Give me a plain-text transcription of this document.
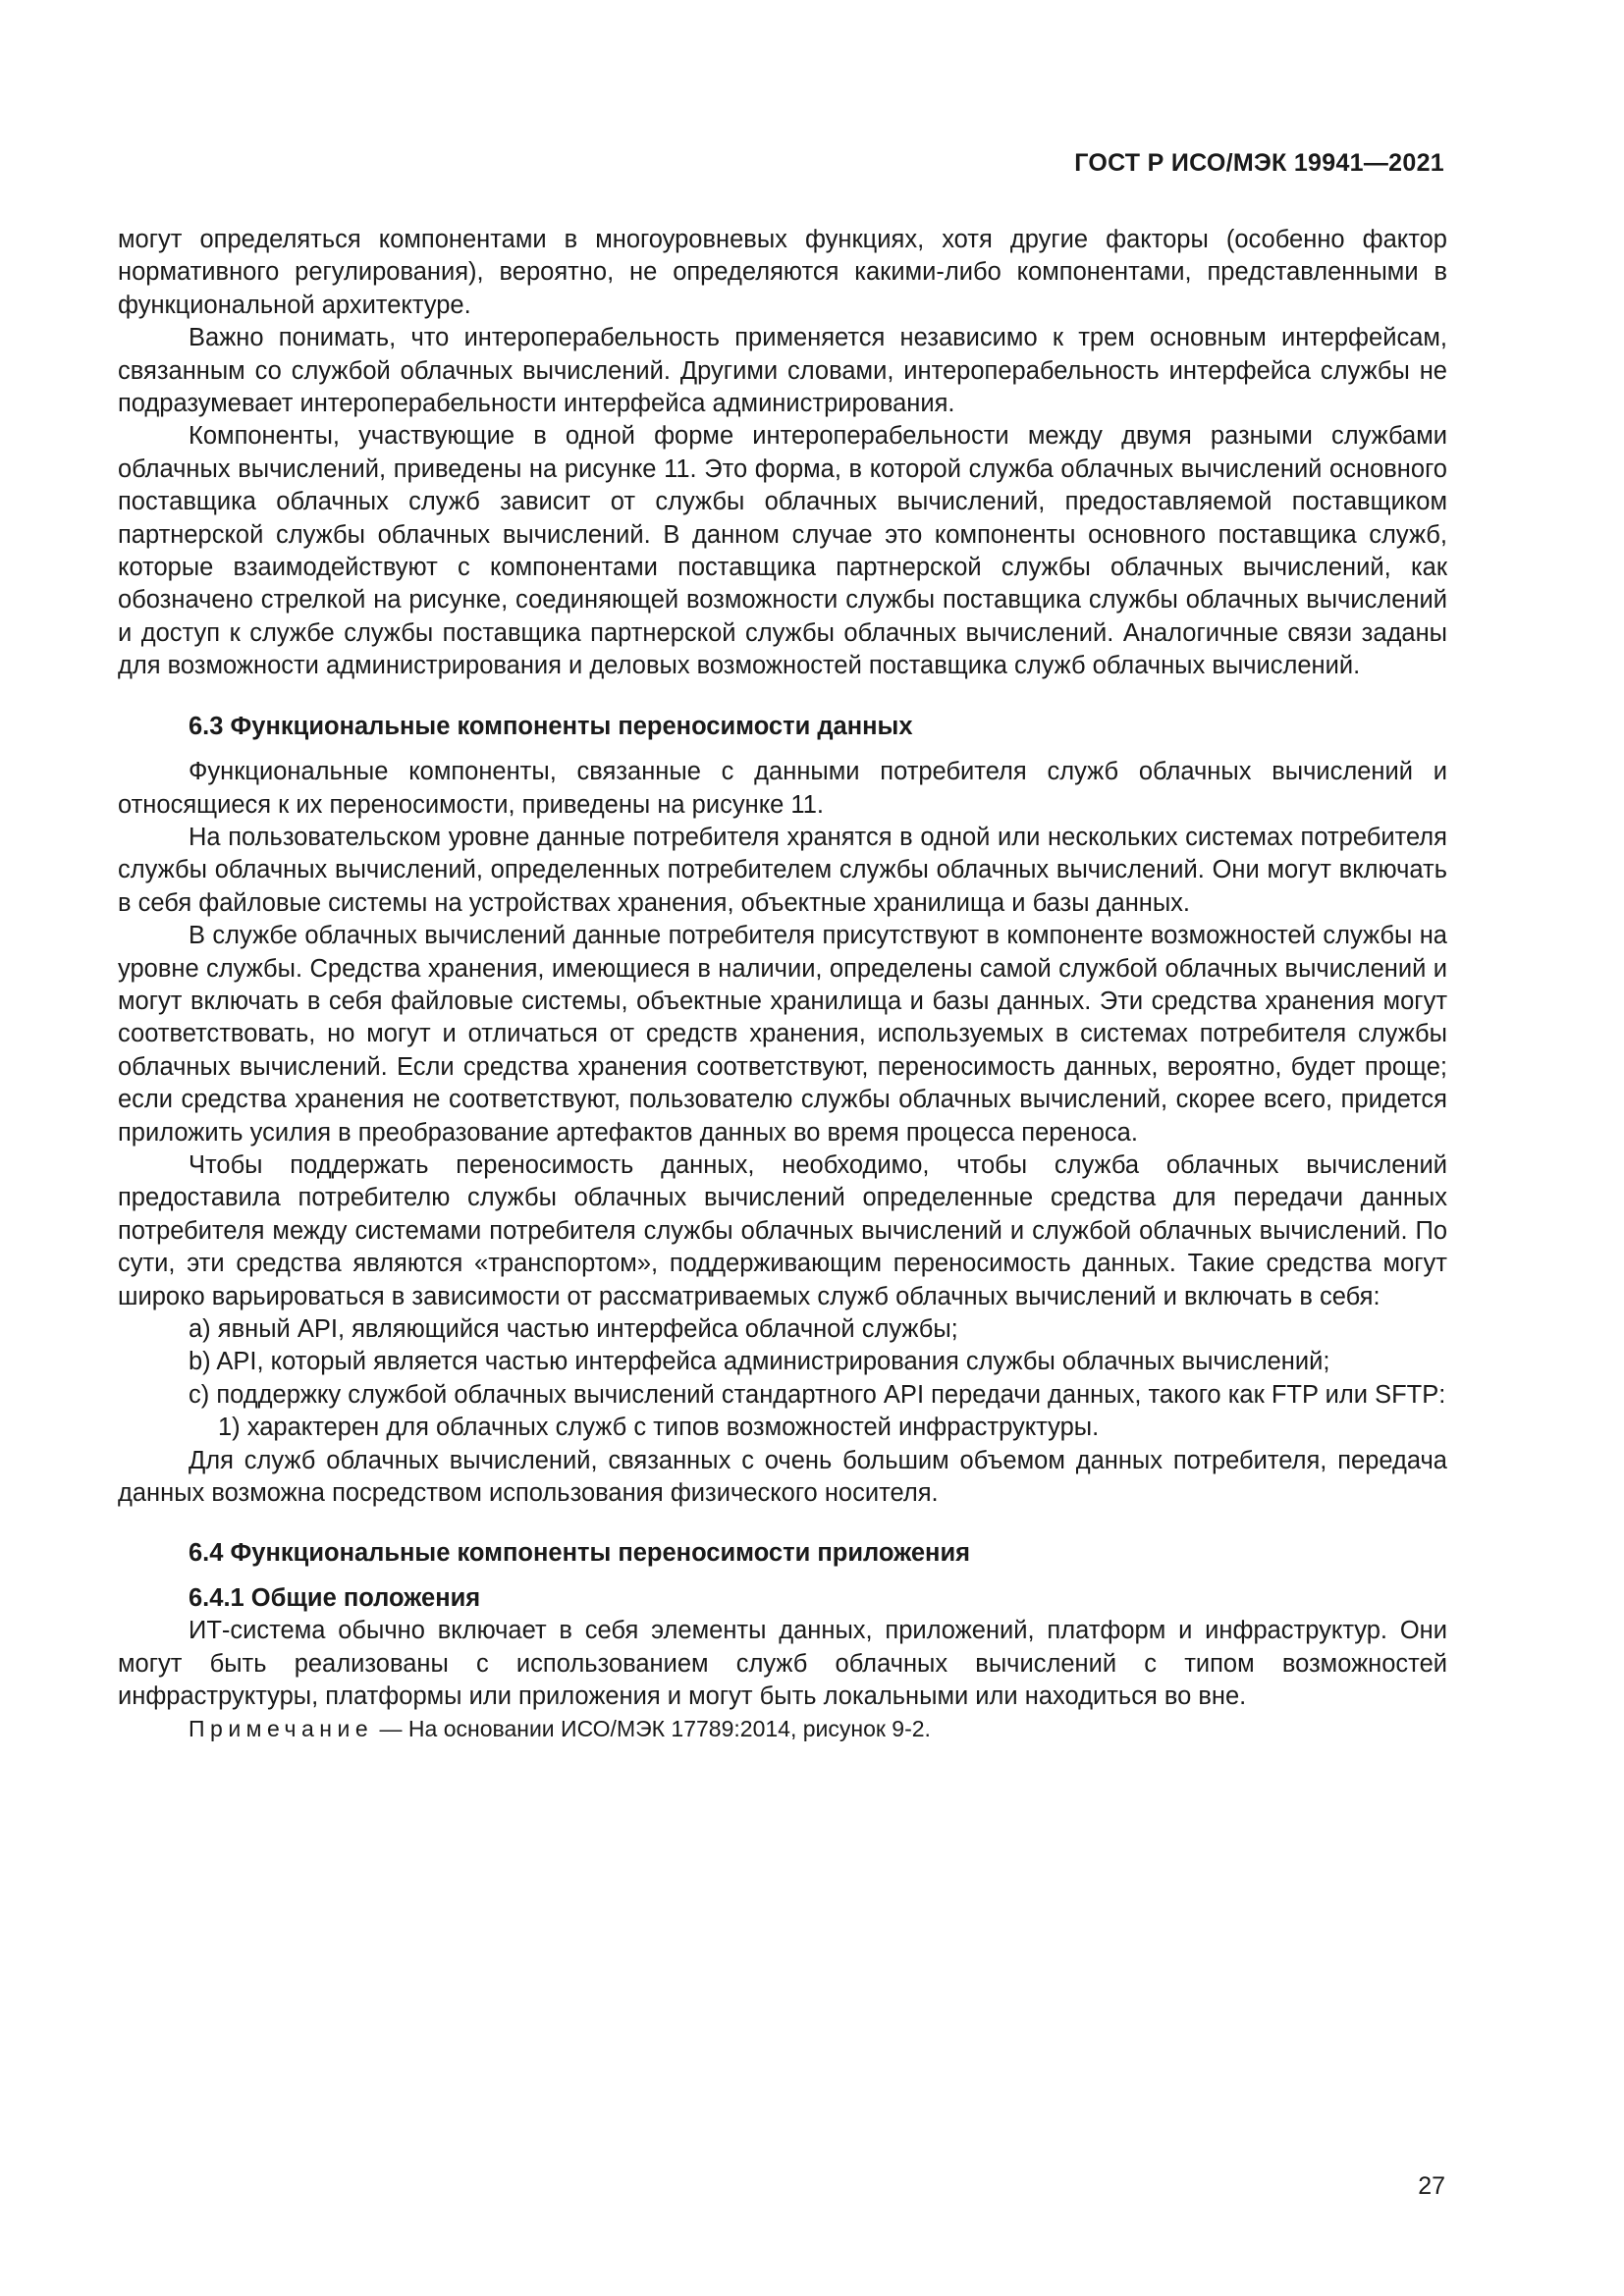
ГОСТ Р ИСО/МЭК 19941—2021

могут определяться компонентами в многоуровневых функциях, хотя другие факторы (особенно фактор нормативного регулирования), вероятно, не определяются какими-либо компонентами, представленными в функциональной архитектуре.

Важно понимать, что интероперабельность применяется независимо к трем основным интерфейсам, связанным со службой облачных вычислений. Другими словами, интероперабельность интерфейса службы не подразумевает интероперабельности интерфейса администрирования.

Компоненты, участвующие в одной форме интероперабельности между двумя разными службами облачных вычислений, приведены на рисунке 11. Это форма, в которой служба облачных вычислений основного поставщика облачных служб зависит от службы облачных вычислений, предоставляемой поставщиком партнерской службы облачных вычислений. В данном случае это компоненты основного поставщика служб, которые взаимодействуют с компонентами поставщика партнерской службы облачных вычислений, как обозначено стрелкой на рисунке, соединяющей возможности службы поставщика службы облачных вычислений и доступ к службе службы поставщика партнерской службы облачных вычислений. Аналогичные связи заданы для возможности администрирования и деловых возможностей поставщика служб облачных вычислений.

6.3 Функциональные компоненты переносимости данных

Функциональные компоненты, связанные с данными потребителя служб облачных вычислений и относящиеся к их переносимости, приведены на рисунке 11.

На пользовательском уровне данные потребителя хранятся в одной или нескольких системах потребителя службы облачных вычислений, определенных потребителем службы облачных вычислений. Они могут включать в себя файловые системы на устройствах хранения, объектные хранилища и базы данных.

В службе облачных вычислений данные потребителя присутствуют в компоненте возможностей службы на уровне службы. Средства хранения, имеющиеся в наличии, определены самой службой облачных вычислений и могут включать в себя файловые системы, объектные хранилища и базы данных. Эти средства хранения могут соответствовать, но могут и отличаться от средств хранения, используемых в системах потребителя службы облачных вычислений. Если средства хранения соответствуют, переносимость данных, вероятно, будет проще; если средства хранения не соответствуют, пользователю службы облачных вычислений, скорее всего, придется приложить усилия в преобразование артефактов данных во время процесса переноса.

Чтобы поддержать переносимость данных, необходимо, чтобы служба облачных вычислений предоставила потребителю службы облачных вычислений определенные средства для передачи данных потребителя между системами потребителя службы облачных вычислений и службой облачных вычислений. По сути, эти средства являются «транспортом», поддерживающим переносимость данных. Такие средства могут широко варьироваться в зависимости от рассматриваемых служб облачных вычислений и включать в себя:

a) явный API, являющийся частью интерфейса облачной службы;

b) API, который является частью интерфейса администрирования службы облачных вычислений;

c) поддержку службой облачных вычислений стандартного API передачи данных, такого как FTP или SFTP:

1) характерен для облачных служб с типов возможностей инфраструктуры.

Для служб облачных вычислений, связанных с очень большим объемом данных потребителя, передача данных возможна посредством использования физического носителя.

6.4 Функциональные компоненты переносимости приложения
6.4.1 Общие положения

ИТ-система обычно включает в себя элементы данных, приложений, платформ и инфраструктур. Они могут быть реализованы с использованием служб облачных вычислений с типом возможностей инфраструктуры, платформы или приложения и могут быть локальными или находиться во вне.

Примечание — На основании ИСО/МЭК 17789:2014, рисунок 9-2.

27
